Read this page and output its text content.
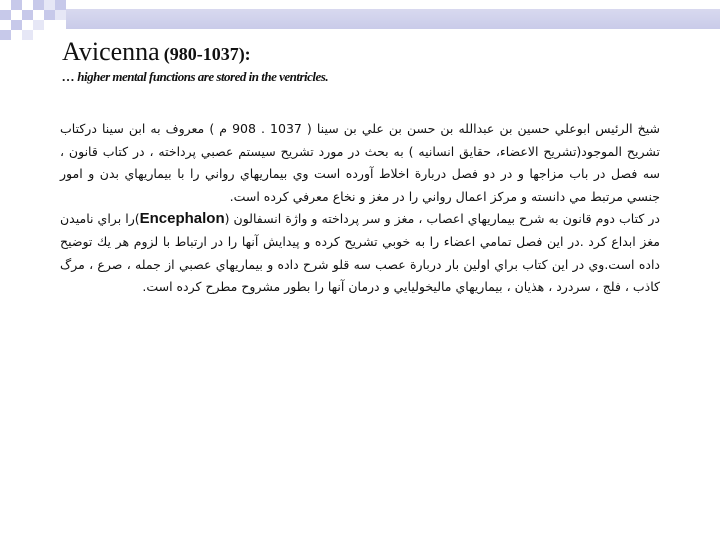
Avicenna (980-1037):
… higher mental functions are stored in the ventricles.

شيخ الرئيس ابوعلي حسين بن عبدالله بن حسن بن علي بن سينا ( 1037 . 908 م ) معروف به ابن سينا دركتاب تشريح الموجود(تشريح الاعضاء، حقايق انسانيه ) به بحث در مورد تشريح سيستم عصبي پرداخته ، در كتاب قانون ، سه فصل در باب مزاجها و در دو فصل دربارة اخلاط آورده است وي بيماريهاي رواني را با بيماريهاي بدن و امور جنسي مرتبط مي دانسته و مركز اعمال رواني را در مغز و نخاع معرفي كرده است.

در كتاب دوم قانون به شرح بيماريهاي اعصاب ، مغز و سر پرداخته و واژة انسفالون (Encephalon)را براي ناميدن مغز ابداع كرد .در اين فصل تمامي اعضاء را به خوبي تشريح كرده و پيدايش آنها را در ارتباط با لزوم هر يك توضيح داده است.وي در اين كتاب براي اولين بار دربارة عصب سه قلو شرح داده و بيماريهاي عصبي از جمله ، صرع ، مرگ كاذب ، فلج ، سردرد ، هذيان ، بيماريهاي ماليخوليايي و درمان آنها را بطور مشروح مطرح كرده است.
